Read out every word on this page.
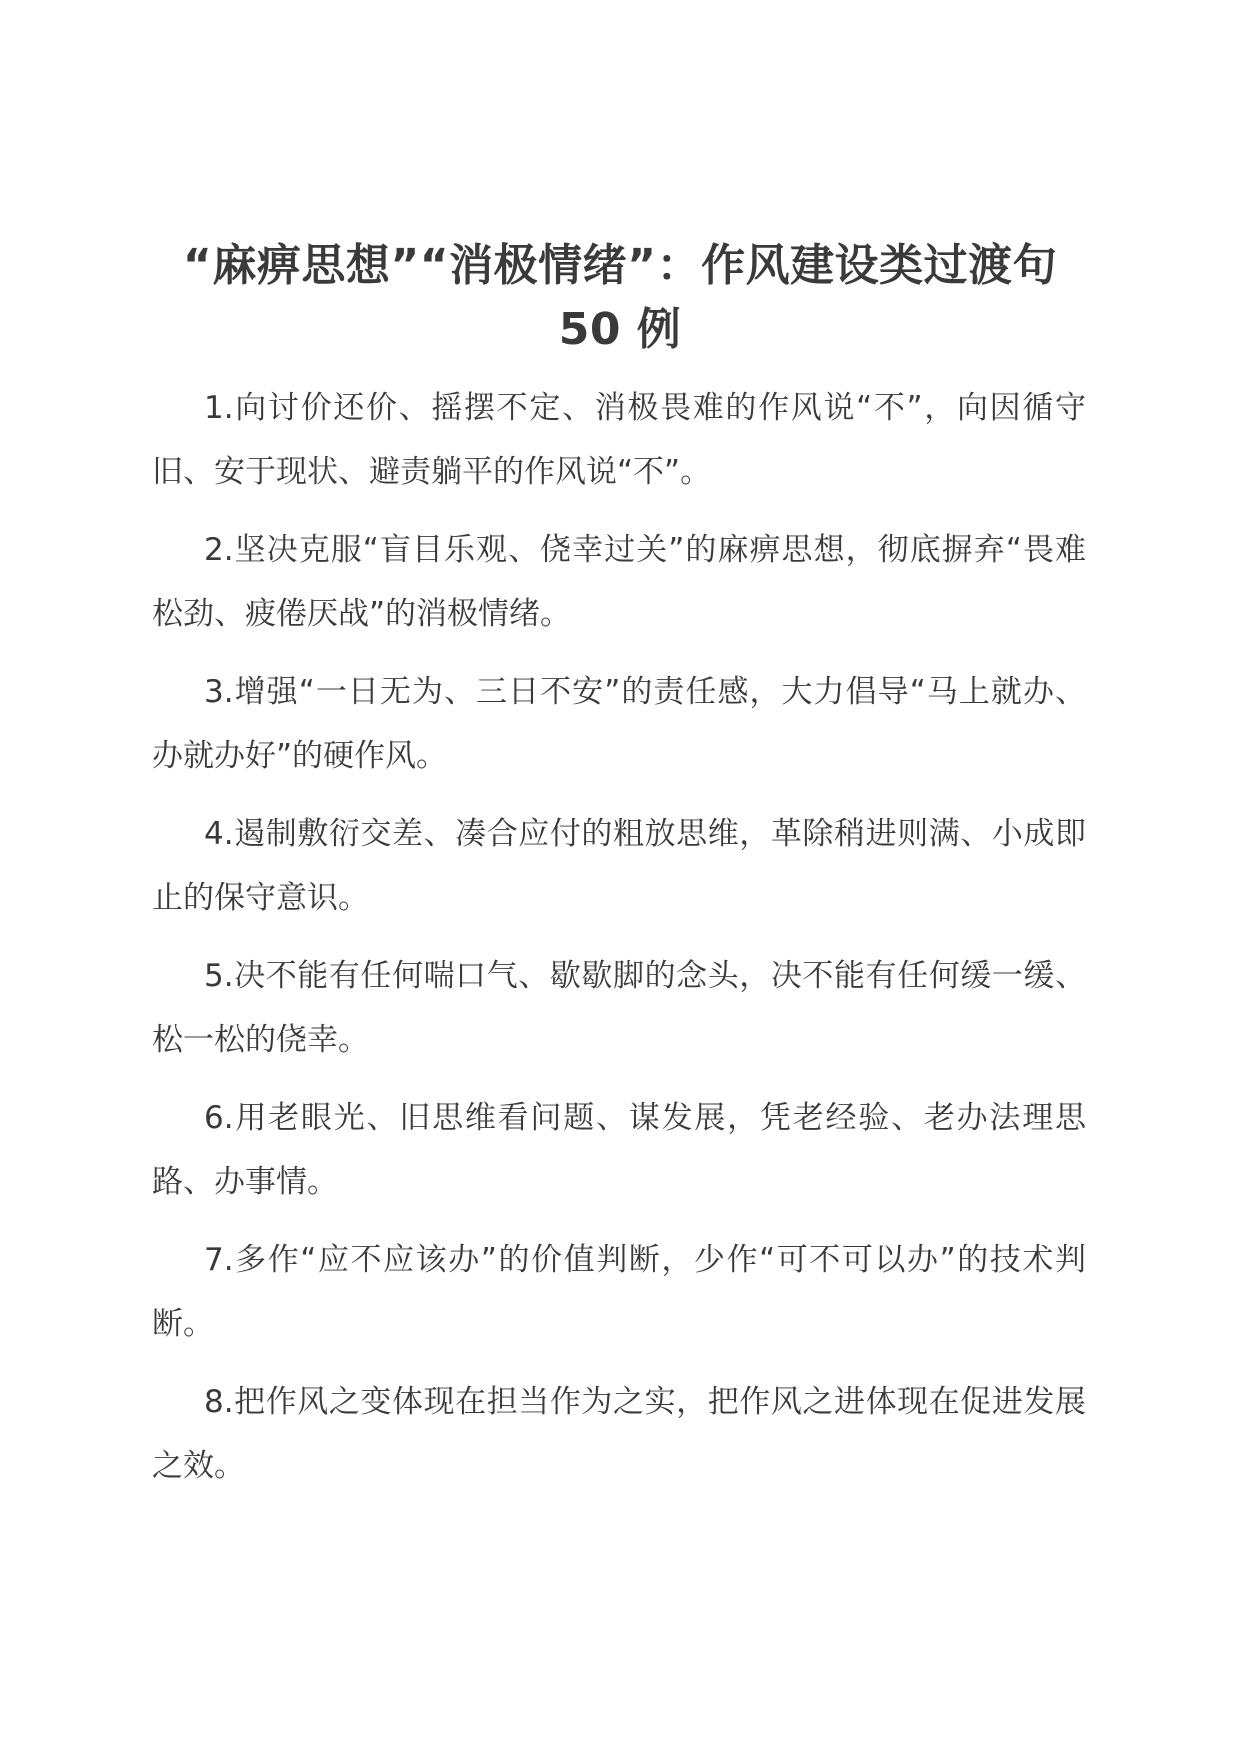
“麻痹思想”“消极情绪”：作风建设类过渡句 50 例

1.向讨价还价、摇摆不定、消极畏难的作风说“不”，向因循守旧、安于现状、避责躺平的作风说“不”。

2.坚决克服“盲目乐观、侥幸过关”的麻痹思想，彻底摒弃“畏难松劲、疲倦厌战”的消极情绪。

3.增强“一日无为、三日不安”的责任感，大力倡导“马上就办、办就办好”的硬作风。

4.遏制敷衍交差、凑合应付的粗放思维，革除稍进则满、小成即止的保守意识。

5.决不能有任何喘口气、歇歇脚的念头，决不能有任何缓一缓、松一松的侥幸。

6.用老眼光、旧思维看问题、谋发展，凭老经验、老办法理思路、办事情。

7.多作“应不应该办”的价值判断，少作“可不可以办”的技术判断。

8.把作风之变体现在担当作为之实，把作风之进体现在促进发展之效。
